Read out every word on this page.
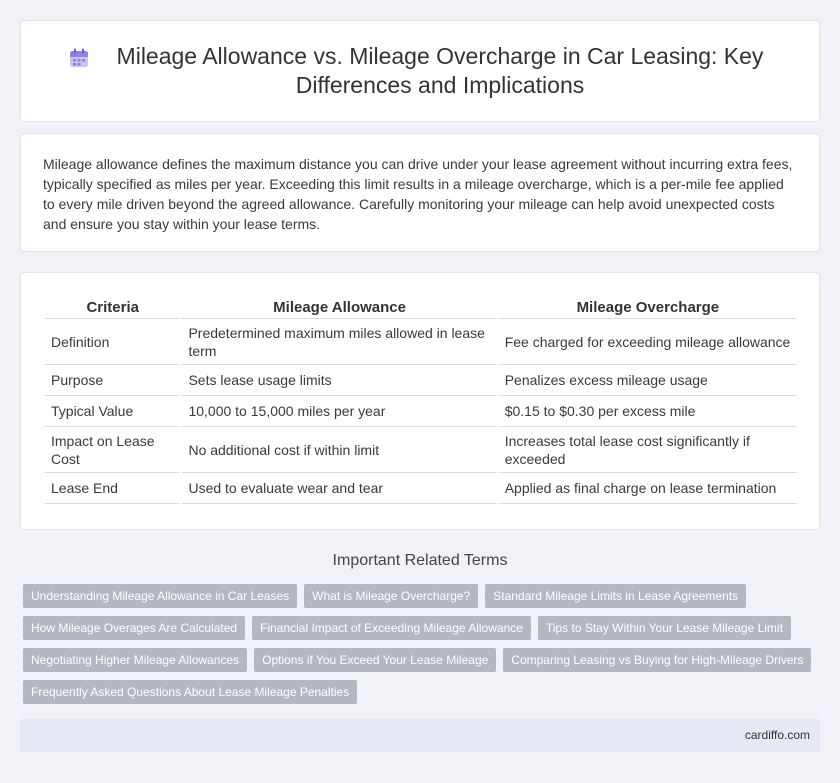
Mileage Allowance vs. Mileage Overcharge in Car Leasing: Key Differences and Implications

Mileage allowance defines the maximum distance you can drive under your lease agreement without incurring extra fees, typically specified as miles per year. Exceeding this limit results in a mileage overcharge, which is a per-mile fee applied to every mile driven beyond the agreed allowance. Carefully monitoring your mileage can help avoid unexpected costs and ensure you stay within your lease terms.

Criteria	Mileage Allowance	Mileage Overcharge
Definition	Predetermined maximum miles allowed in lease term	Fee charged for exceeding mileage allowance
Purpose	Sets lease usage limits	Penalizes excess mileage usage
Typical Value	10,000 to 15,000 miles per year	$0.15 to $0.30 per excess mile
Impact on Lease Cost	No additional cost if within limit	Increases total lease cost significantly if exceeded
Lease End	Used to evaluate wear and tear	Applied as final charge on lease termination
Important Related Terms
Understanding Mileage Allowance in Car Leases	What is Mileage Overcharge?	Standard Mileage Limits in Lease Agreements
How Mileage Overages Are Calculated	Financial Impact of Exceeding Mileage Allowance	Tips to Stay Within Your Lease Mileage Limit
Negotiating Higher Mileage Allowances	Options if You Exceed Your Lease Mileage	Comparing Leasing vs Buying for High-Mileage Drivers
Frequently Asked Questions About Lease Mileage Penalties
cardiffo.com
